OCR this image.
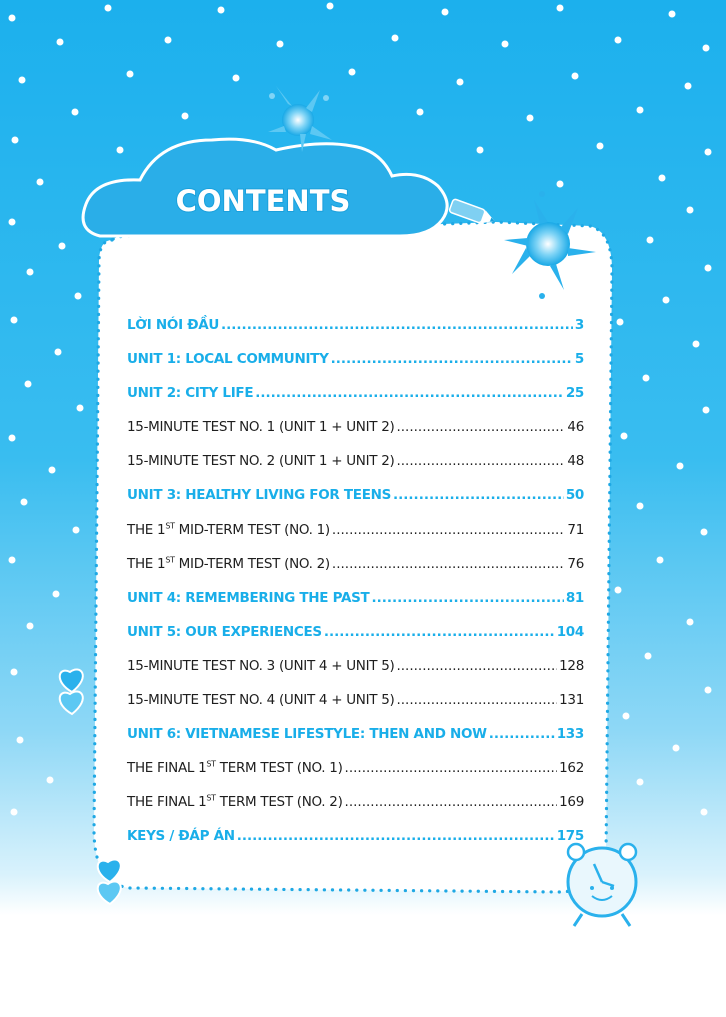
CONTENTS
LỜI NÓI ĐẦU .....	3
UNIT 1: LOCAL COMMUNITY .....	5
UNIT 2: CITY LIFE .....	25
15-MINUTE TEST NO. 1 (UNIT 1 + UNIT 2) .....	46
15-MINUTE TEST NO. 2 (UNIT 1 + UNIT 2) .....	48
UNIT 3: HEALTHY LIVING FOR TEENS .....	50
THE 1ST MID-TERM TEST (NO. 1) .....	71
THE 1ST MID-TERM TEST (NO. 2) .....	76
UNIT 4: REMEMBERING THE PAST .....	81
UNIT 5: OUR EXPERIENCES .....	104
15-MINUTE TEST NO. 3 (UNIT 4 + UNIT 5) .....	128
15-MINUTE TEST NO. 4 (UNIT 4 + UNIT 5) .....	131
UNIT 6: VIETNAMESE LIFESTYLE: THEN AND NOW .....	133
THE FINAL 1ST TERM TEST (NO. 1) .....	162
THE FINAL 1ST TERM TEST (NO. 2) .....	169
KEYS / ĐÁP ÁN .....	175
